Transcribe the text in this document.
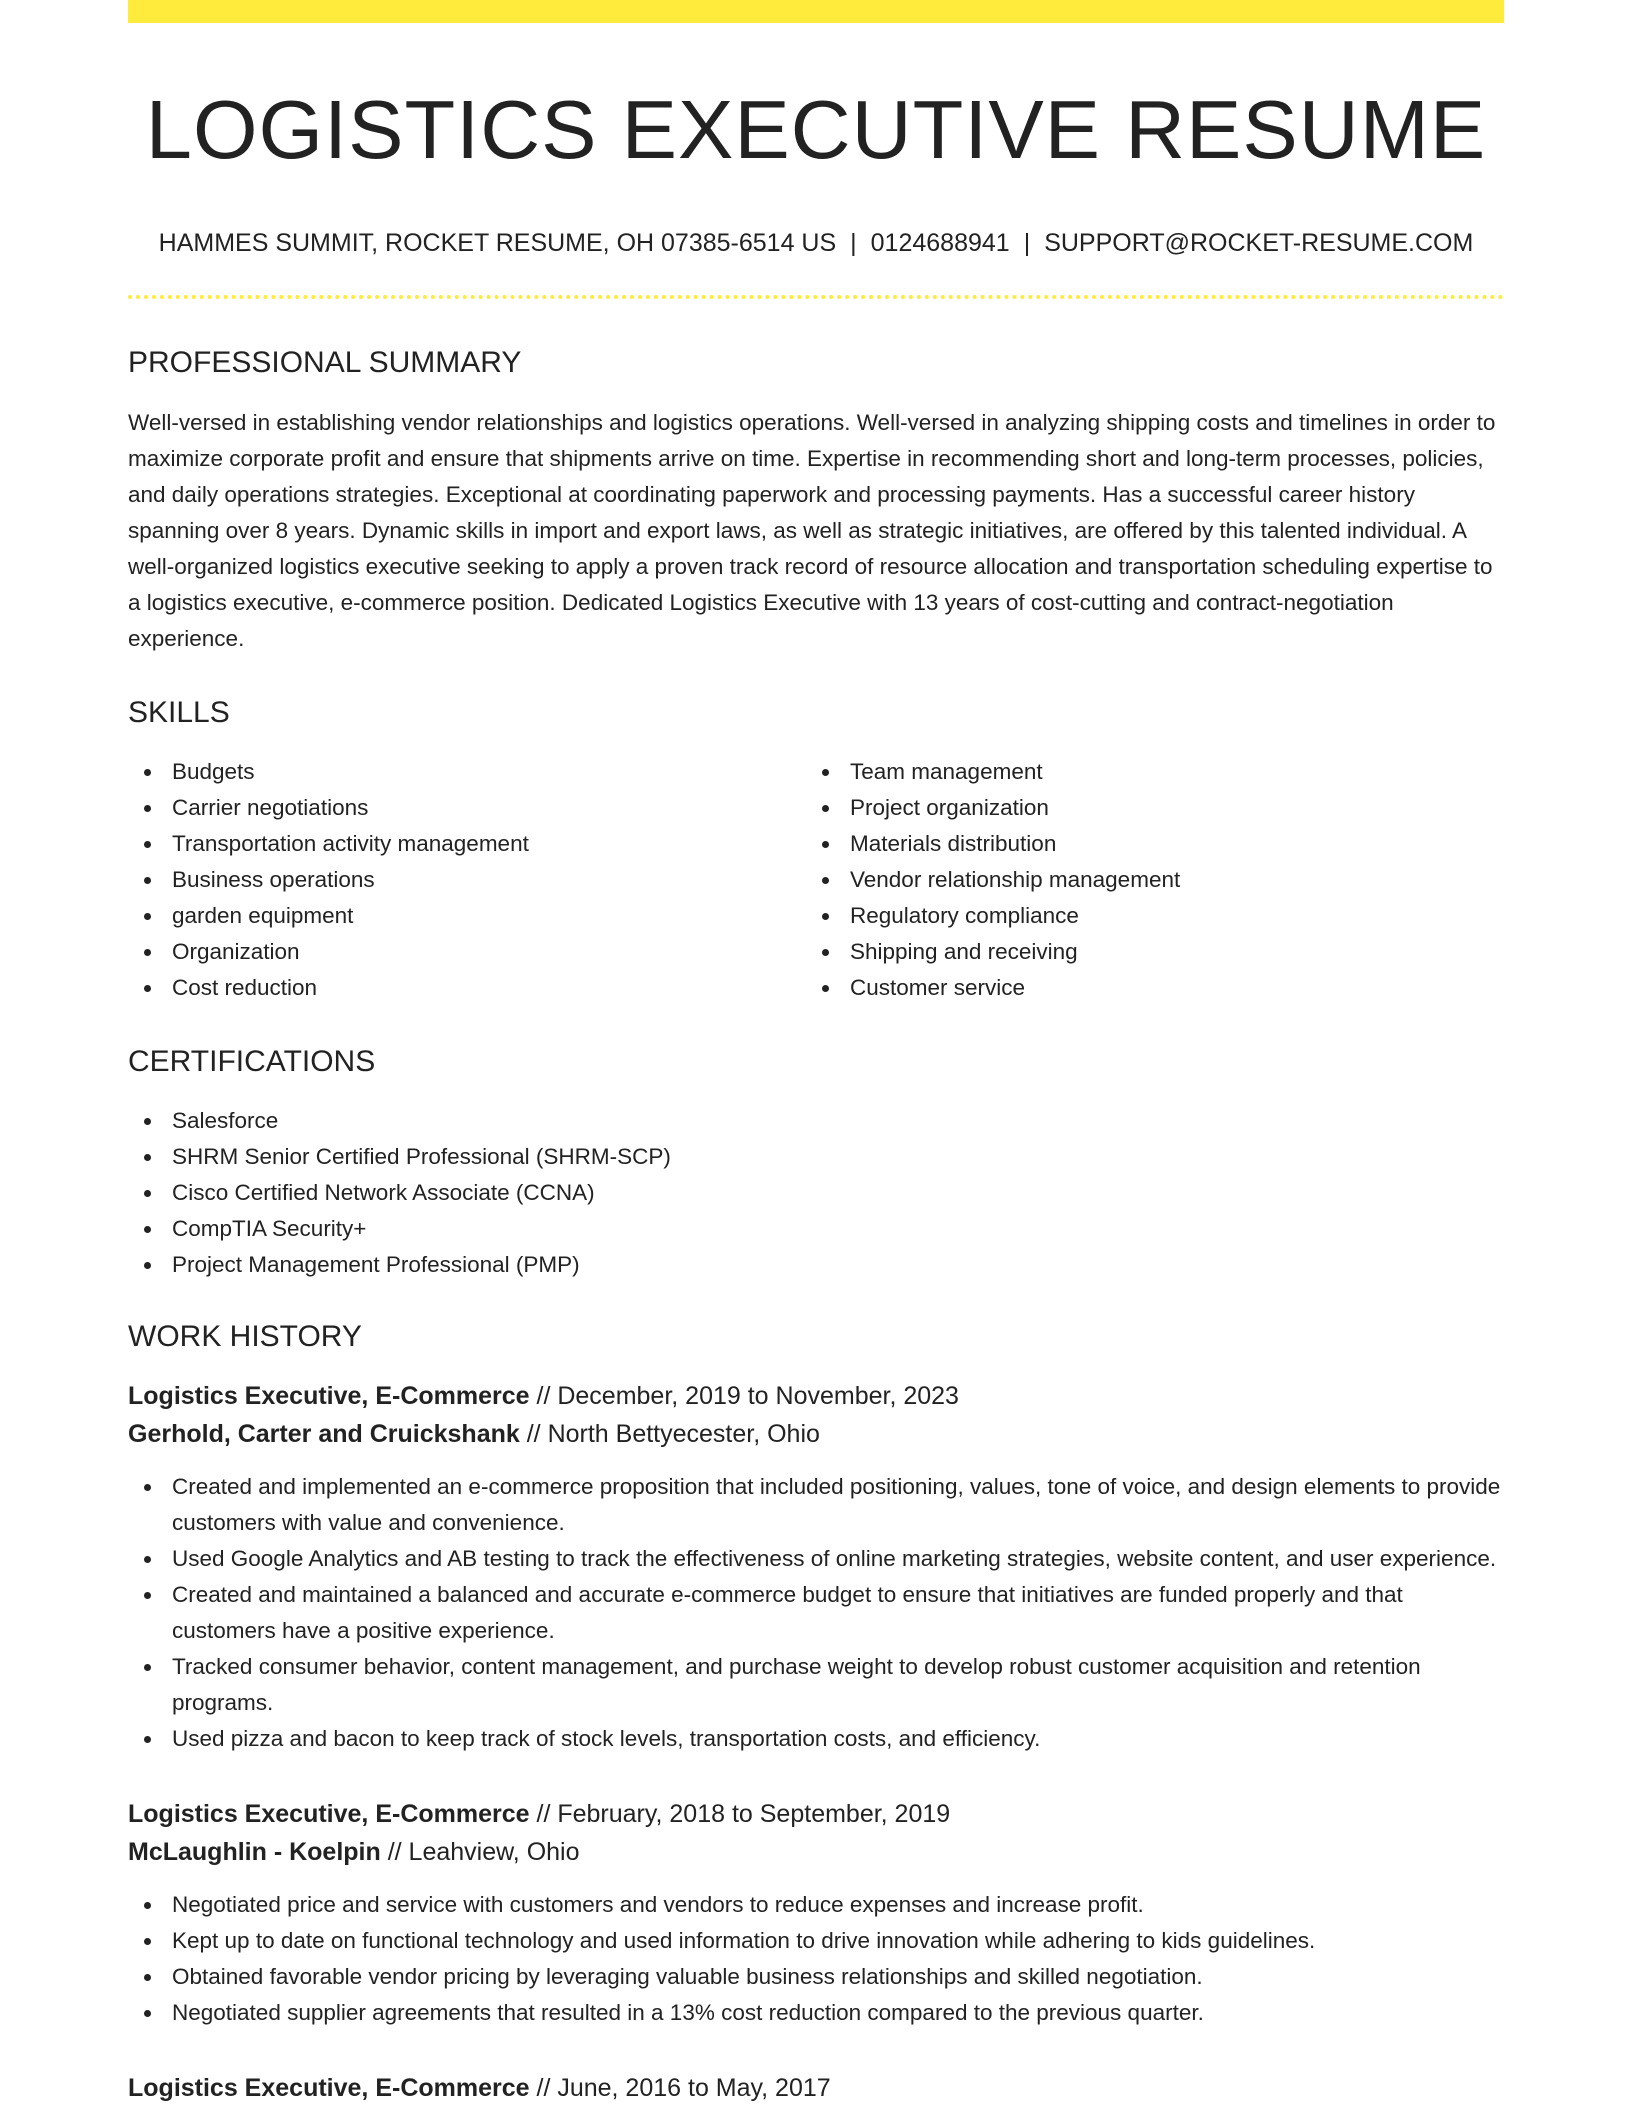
LOGISTICS EXECUTIVE RESUME
HAMMES SUMMIT, ROCKET RESUME, OH 07385-6514 US | 0124688941 | SUPPORT@ROCKET-RESUME.COM
PROFESSIONAL SUMMARY

Well-versed in establishing vendor relationships and logistics operations. Well-versed in analyzing shipping costs and timelines in order to maximize corporate profit and ensure that shipments arrive on time. Expertise in recommending short and long-term processes, policies, and daily operations strategies. Exceptional at coordinating paperwork and processing payments. Has a successful career history spanning over 8 years. Dynamic skills in import and export laws, as well as strategic initiatives, are offered by this talented individual. A well-organized logistics executive seeking to apply a proven track record of resource allocation and transportation scheduling expertise to a logistics executive, e-commerce position. Dedicated Logistics Executive with 13 years of cost-cutting and contract-negotiation experience.

SKILLS
Budgets
Carrier negotiations
Transportation activity management
Business operations
garden equipment
Organization
Cost reduction
Team management
Project organization
Materials distribution
Vendor relationship management
Regulatory compliance
Shipping and receiving
Customer service
CERTIFICATIONS
Salesforce
SHRM Senior Certified Professional (SHRM-SCP)
Cisco Certified Network Associate (CCNA)
CompTIA Security+
Project Management Professional (PMP)
WORK HISTORY
Logistics Executive, E-Commerce // December, 2019 to November, 2023
Gerhold, Carter and Cruickshank // North Bettyecester, Ohio
Created and implemented an e-commerce proposition that included positioning, values, tone of voice, and design elements to provide customers with value and convenience.
Used Google Analytics and AB testing to track the effectiveness of online marketing strategies, website content, and user experience.
Created and maintained a balanced and accurate e-commerce budget to ensure that initiatives are funded properly and that customers have a positive experience.
Tracked consumer behavior, content management, and purchase weight to develop robust customer acquisition and retention programs.
Used pizza and bacon to keep track of stock levels, transportation costs, and efficiency.
Logistics Executive, E-Commerce // February, 2018 to September, 2019
McLaughlin - Koelpin // Leahview, Ohio
Negotiated price and service with customers and vendors to reduce expenses and increase profit.
Kept up to date on functional technology and used information to drive innovation while adhering to kids guidelines.
Obtained favorable vendor pricing by leveraging valuable business relationships and skilled negotiation.
Negotiated supplier agreements that resulted in a 13% cost reduction compared to the previous quarter.
Logistics Executive, E-Commerce // June, 2016 to May, 2017
